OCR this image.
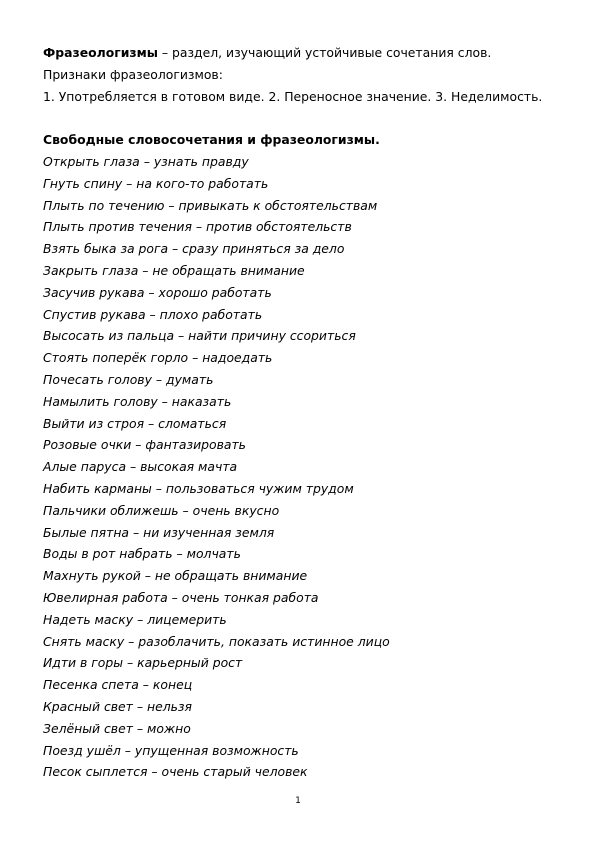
Фразеологизмы – раздел, изучающий устойчивые сочетания слов.
Признаки фразеологизмов:
1. Употребляется в готовом виде. 2. Переносное значение. 3. Неделимость.
Свободные словосочетания и фразеологизмы.
Открыть глаза – узнать правду
Гнуть спину – на кого-то работать
Плыть по течению – привыкать к обстоятельствам
Плыть против течения – против обстоятельств
Взять быка за рога – сразу приняться за дело
Закрыть глаза – не обращать внимание
Засучив рукава – хорошо работать
Спустив рукава – плохо работать
Высосать из пальца – найти причину ссориться
Стоять поперёк горло – надоедать
Почесать голову – думать
Намылить голову – наказать
Выйти из строя – сломаться
Розовые очки – фантазировать
Алые паруса – высокая мачта
Набить карманы – пользоваться чужим трудом
Пальчики оближешь – очень вкусно
Былые пятна – ни изученная земля
Воды в рот набрать – молчать
Махнуть рукой – не обращать внимание
Ювелирная работа – очень тонкая работа
Надеть маску – лицемерить
Снять маску – разоблачить, показать истинное лицо
Идти в горы – карьерный рост
Песенка спета – конец
Красный свет – нельзя
Зелёный свет – можно
Поезд ушёл – упущенная возможность
Песок сыплется – очень старый человек
1
